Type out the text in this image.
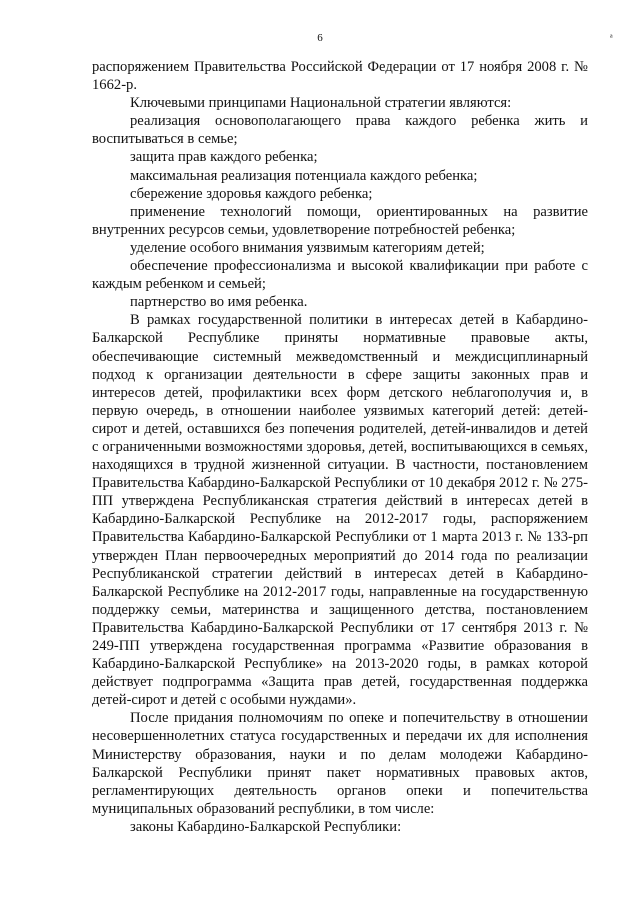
6	ᵃ

распоряжением Правительства Российской Федерации от 17 ноября 2008 г. № 1662-р.

Ключевыми принципами Национальной стратегии являются:

реализация основополагающего права каждого ребенка жить и воспитываться в семье;

защита прав каждого ребенка;

максимальная реализация потенциала каждого ребенка;

сбережение здоровья каждого ребенка;

применение технологий помощи, ориентированных на развитие внутренних ресурсов семьи, удовлетворение потребностей ребенка;

уделение особого внимания уязвимым категориям детей;

обеспечение профессионализма и высокой квалификации при работе с каждым ребенком и семьей;

партнерство во имя ребенка.

В рамках государственной политики в интересах детей в Кабардино-Балкарской Республике приняты нормативные правовые акты, обеспечивающие системный межведомственный и междисциплинарный подход к организации деятельности в сфере защиты законных прав и интересов детей, профилактики всех форм детского неблагополучия и, в первую очередь, в отношении наиболее уязвимых категорий детей: детей-сирот и детей, оставшихся без попечения родителей, детей-инвалидов и детей с ограниченными возможностями здоровья, детей, воспитывающихся в семьях, находящихся в трудной жизненной ситуации. В частности, постановлением Правительства Кабардино-Балкарской Республики от 10 декабря 2012 г. № 275-ПП утверждена Республиканская стратегия действий в интересах детей в Кабардино-Балкарской Республике на 2012-2017 годы, распоряжением Правительства Кабардино-Балкарской Республики от 1 марта 2013 г. № 133-рп утвержден План первоочередных мероприятий до 2014 года по реализации Республиканской стратегии действий в интересах детей в Кабардино-Балкарской Республике на 2012-2017 годы, направленные на государственную поддержку семьи, материнства и защищенного детства, постановлением Правительства Кабардино-Балкарской Республики от 17 сентября 2013 г. № 249-ПП утверждена государственная программа «Развитие образования в Кабардино-Балкарской Республике» на 2013-2020 годы, в рамках которой действует подпрограмма «Защита прав детей, государственная поддержка детей-сирот и детей с особыми нуждами».

После придания полномочиям по опеке и попечительству в отношении несовершеннолетних статуса государственных и передачи их для исполнения Министерству образования, науки и по делам молодежи Кабардино-Балкарской Республики принят пакет нормативных правовых актов, регламентирующих деятельность органов опеки и попечительства муниципальных образований республики, в том числе:

законы Кабардино-Балкарской Республики:
